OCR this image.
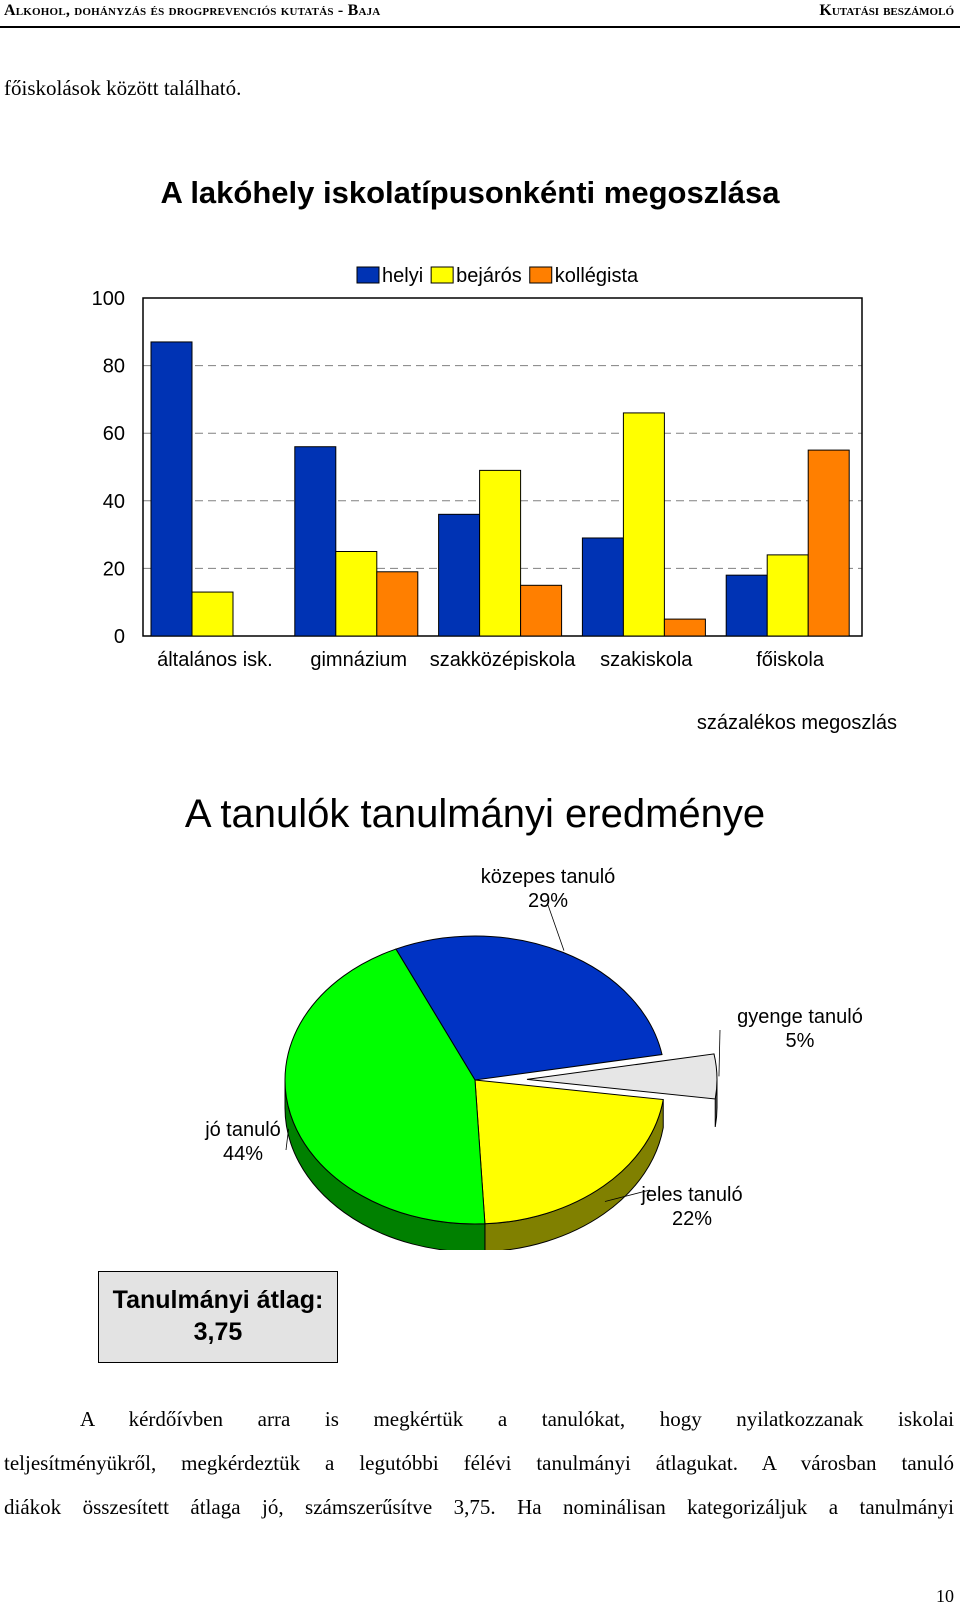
Alkohol, dohányzás és drogprevenciós kutatás - Baja	Kutatási beszámoló
főiskolások között található.
A lakóhely iskolatípusonkénti megoszlása
0
20
40
60
80
100
általános isk. gimnázium szakközépiskola szakiskola	főiskola
helyi bejárós kollégista
százalékos megoszlás
A tanulók tanulmányi eredménye
közepes tanuló
29%
gyenge tanuló
5%
jeles tanuló
22%
jó tanuló
44%
Tanulmányi átlag:
3,75
A kérdőívben arra is megkértük a tanulókat, hogy nyilatkozzanak iskolai
teljesítményükről, megkérdeztük a legutóbbi félévi tanulmányi átlagukat. A városban tanuló
diákok összesített átlaga jó, számszerűsítve 3,75. Ha nominálisan kategorizáljuk a tanulmányi
10
